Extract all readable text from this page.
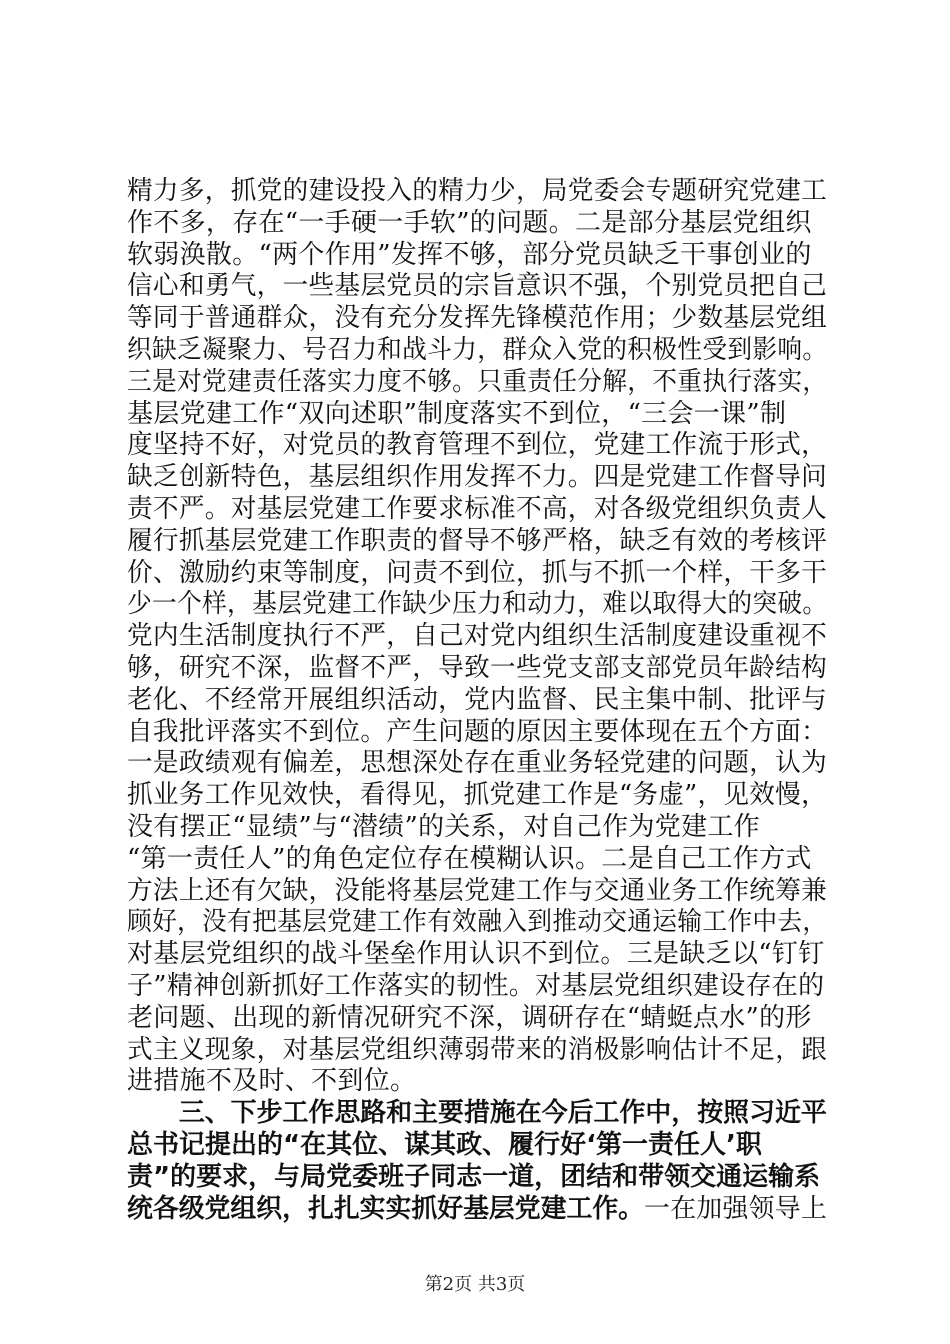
精力多，抓党的建设投入的精力少，局党委会专题研究党建工
作不多，存在“一手硬一手软”的问题。二是部分基层党组织
软弱涣散。“两个作用”发挥不够，部分党员缺乏干事创业的
信心和勇气，一些基层党员的宗旨意识不强，个别党员把自己
等同于普通群众，没有充分发挥先锋模范作用；少数基层党组
织缺乏凝聚力、号召力和战斗力，群众入党的积极性受到影响。
三是对党建责任落实力度不够。只重责任分解，不重执行落实，
基层党建工作“双向述职”制度落实不到位，“三会一课”制
度坚持不好，对党员的教育管理不到位，党建工作流于形式，
缺乏创新特色，基层组织作用发挥不力。四是党建工作督导问
责不严。对基层党建工作要求标准不高，对各级党组织负责人
履行抓基层党建工作职责的督导不够严格，缺乏有效的考核评
价、激励约束等制度，问责不到位，抓与不抓一个样，干多干
少一个样，基层党建工作缺少压力和动力，难以取得大的突破。
党内生活制度执行不严，自己对党内组织生活制度建设重视不
够，研究不深，监督不严，导致一些党支部支部党员年龄结构
老化、不经常开展组织活动，党内监督、民主集中制、批评与
自我批评落实不到位。产生问题的原因主要体现在五个方面：
一是政绩观有偏差，思想深处存在重业务轻党建的问题，认为
抓业务工作见效快，看得见，抓党建工作是“务虚”，见效慢，
没有摆正“显绩”与“潜绩”的关系，对自己作为党建工作
“第一责任人”的角色定位存在模糊认识。二是自己工作方式
方法上还有欠缺，没能将基层党建工作与交通业务工作统筹兼
顾好，没有把基层党建工作有效融入到推动交通运输工作中去，
对基层党组织的战斗堡垒作用认识不到位。三是缺乏以“钉钉
子”精神创新抓好工作落实的韧性。对基层党组织建设存在的
老问题、出现的新情况研究不深，调研存在“蜻蜓点水”的形
式主义现象，对基层党组织薄弱带来的消极影响估计不足，跟
进措施不及时、不到位。
三、下步工作思路和主要措施在今后工作中，按照习近平
总书记提出的“在其位、谋其政、履行好‘第一责任人’职
责”的要求，与局党委班子同志一道，团结和带领交通运输系
统各级党组织，扎扎实实抓好基层党建工作。一在加强领导上
第2页 共3页
